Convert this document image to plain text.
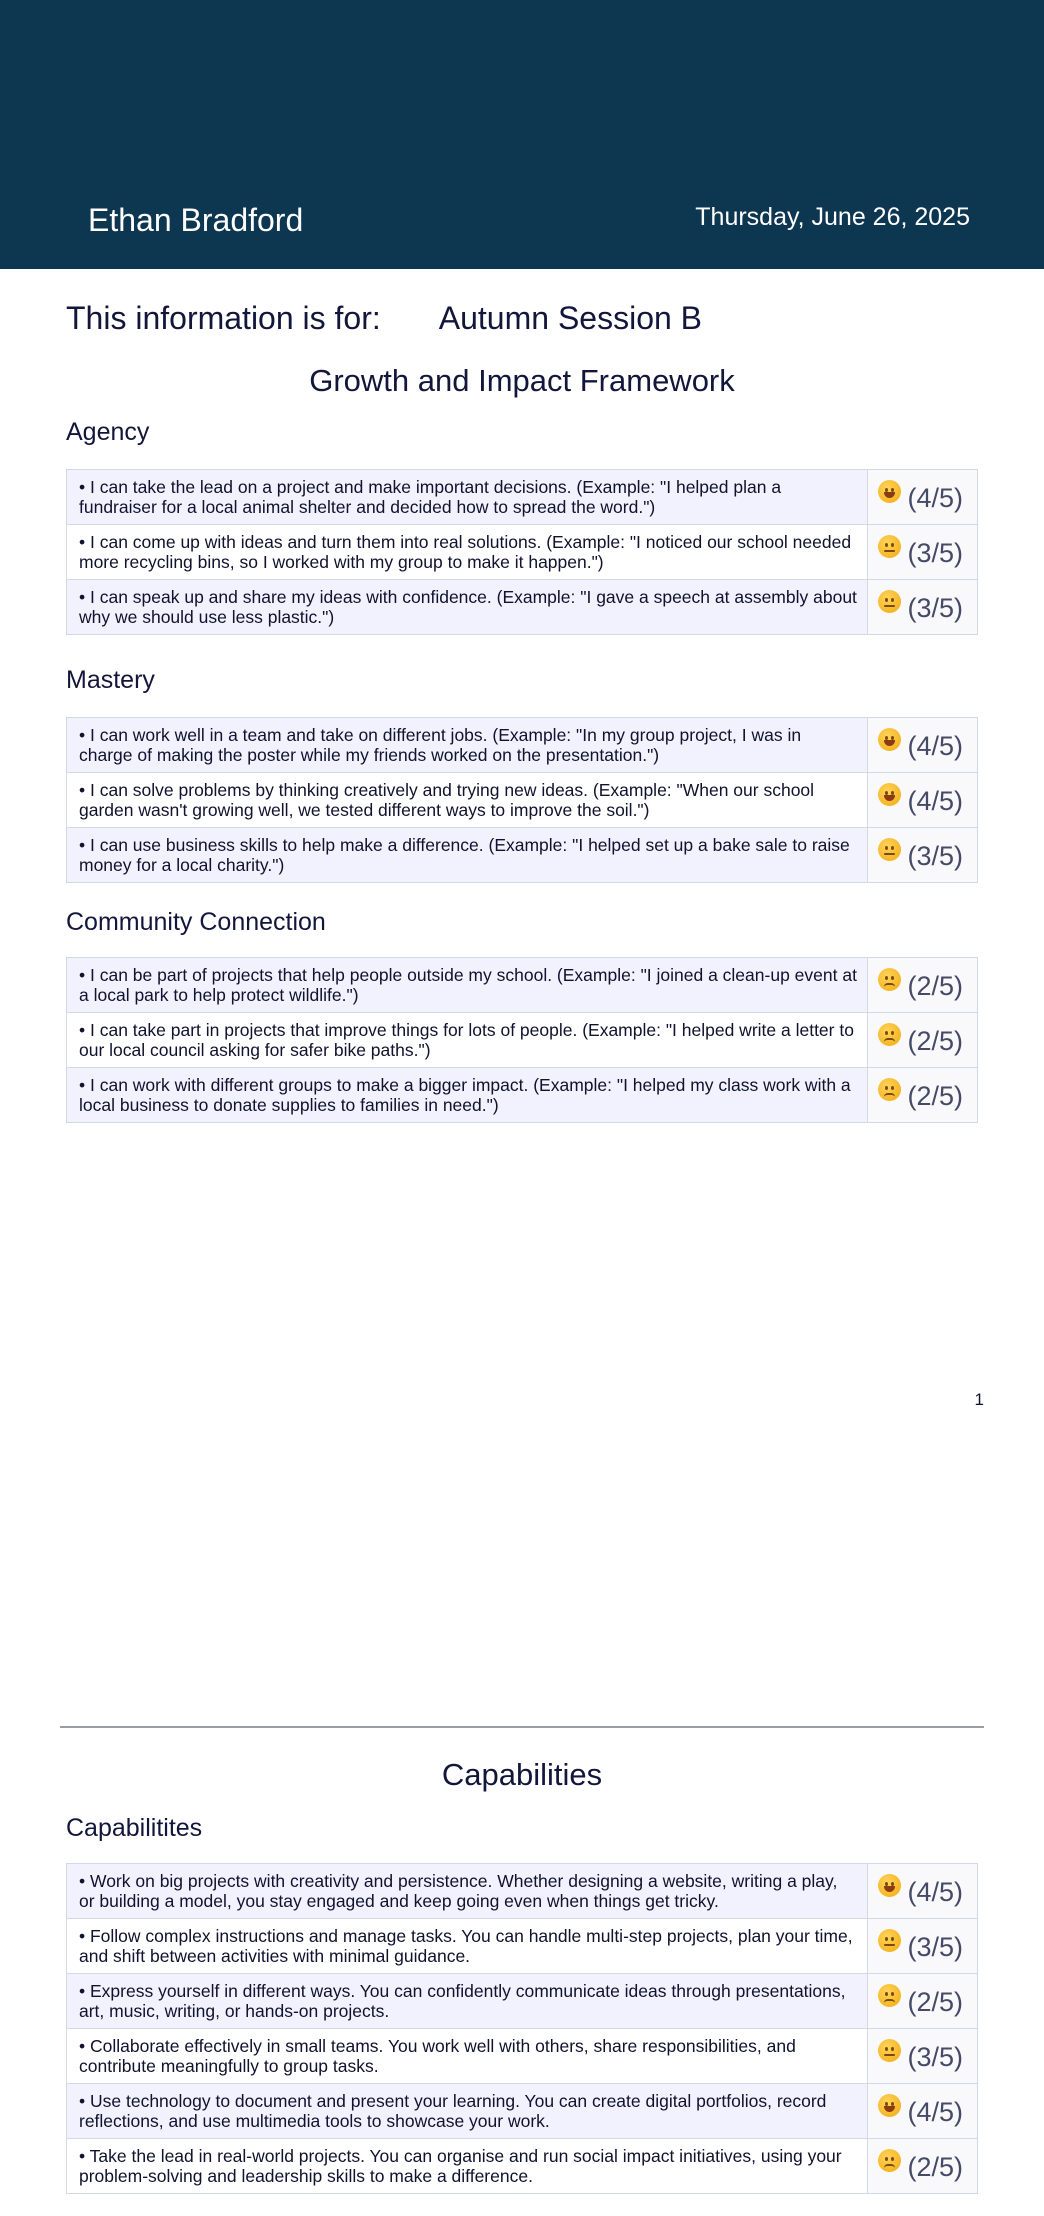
Ethan Bradford	Thursday, June 26, 2025
This information is for: Autumn Session B
Growth and Impact Framework
Agency
• I can take the lead on a project and make important decisions. (Example: "I helped plan a fundraiser for a local animal shelter and decided how to spread the word.")	(4/5)
• I can come up with ideas and turn them into real solutions. (Example: "I noticed our school needed more recycling bins, so I worked with my group to make it happen.")	(3/5)
• I can speak up and share my ideas with confidence. (Example: "I gave a speech at assembly about why we should use less plastic.")	(3/5)
Mastery
• I can work well in a team and take on different jobs. (Example: "In my group project, I was in charge of making the poster while my friends worked on the presentation.")	(4/5)
• I can solve problems by thinking creatively and trying new ideas. (Example: "When our school garden wasn't growing well, we tested different ways to improve the soil.")	(4/5)
• I can use business skills to help make a difference. (Example: "I helped set up a bake sale to raise money for a local charity.")	(3/5)
Community Connection
• I can be part of projects that help people outside my school. (Example: "I joined a clean-up event at a local park to help protect wildlife.")	(2/5)
• I can take part in projects that improve things for lots of people. (Example: "I helped write a letter to our local council asking for safer bike paths.")	(2/5)
• I can work with different groups to make a bigger impact. (Example: "I helped my class work with a local business to donate supplies to families in need.")	(2/5)
1
Capabilities
Capabilitites
• Work on big projects with creativity and persistence. Whether designing a website, writing a play, or building a model, you stay engaged and keep going even when things get tricky.	(4/5)
• Follow complex instructions and manage tasks. You can handle multi-step projects, plan your time, and shift between activities with minimal guidance.	(3/5)
• Express yourself in different ways. You can confidently communicate ideas through presentations, art, music, writing, or hands-on projects.	(2/5)
• Collaborate effectively in small teams. You work well with others, share responsibilities, and contribute meaningfully to group tasks.	(3/5)
• Use technology to document and present your learning. You can create digital portfolios, record reflections, and use multimedia tools to showcase your work.	(4/5)
• Take the lead in real-world projects. You can organise and run social impact initiatives, using your problem-solving and leadership skills to make a difference.	(2/5)
